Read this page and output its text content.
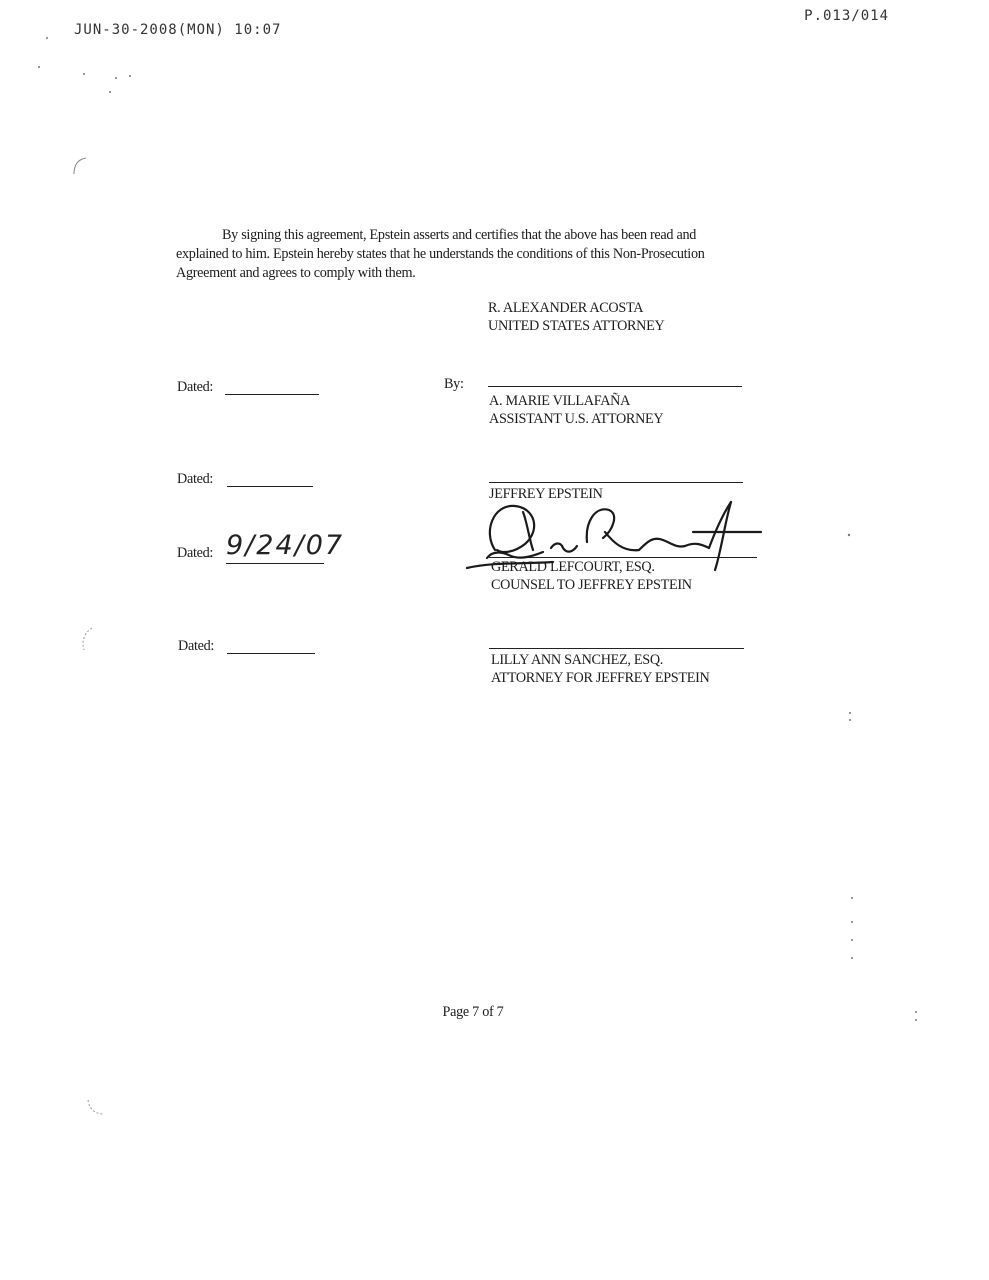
JUN-30-2008(MON) 10:07
P.013/014

By signing this agreement, Epstein asserts and certifies that the above has been read and explained to him. Epstein hereby states that he understands the conditions of this Non-Prosecution Agreement and agrees to comply with them.

R. ALEXANDER ACOSTA
UNITED STATES ATTORNEY
Dated:	By:
A. MARIE VILLAFAÑA
ASSISTANT U.S. ATTORNEY
Dated:
JEFFREY EPSTEIN
Dated: 9/24/07
GERALD LEFCOURT, ESQ.
COUNSEL TO JEFFREY EPSTEIN
Dated:
LILLY ANN SANCHEZ, ESQ.
ATTORNEY FOR JEFFREY EPSTEIN
Page 7 of 7
